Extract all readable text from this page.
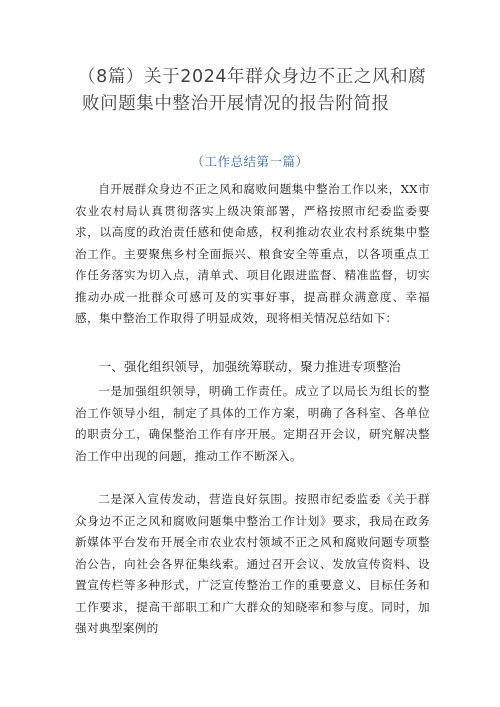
（8篇）关于2024年群众身边不正之风和腐
败问题集中整治开展情况的报告附简报
（工作总结第一篇）

自开展群众身边不正之风和腐败问题集中整治工作以来，XX市农业农村局认真贯彻落实上级决策部署，严格按照市纪委监委要求，以高度的政治责任感和使命感，权利推动农业农村系统集中整治工作。主要聚焦乡村全面振兴、粮食安全等重点，以各项重点工作任务落实为切入点，清单式、项目化跟进监督、精准监督，切实推动办成一批群众可感可及的实事好事，提高群众满意度、幸福感，集中整治工作取得了明显成效，现将相关情况总结如下：

一、强化组织领导，加强统筹联动，聚力推进专项整治

一是加强组织领导，明确工作责任。成立了以局长为组长的整治工作领导小组，制定了具体的工作方案，明确了各科室、各单位的职责分工，确保整治工作有序开展。定期召开会议，研究解决整治工作中出现的问题，推动工作不断深入。

二是深入宣传发动，营造良好氛围。按照市纪委监委《关于群众身边不正之风和腐败问题集中整治工作计划》要求，我局在政务新媒体平台发布开展全市农业农村领域不正之风和腐败问题专项整治公告，向社会各界征集线索。通过召开会议、发放宣传资料、设置宣传栏等多种形式，广泛宣传整治工作的重要意义、目标任务和工作要求，提高干部职工和广大群众的知晓率和参与度。同时，加强对典型案例的
